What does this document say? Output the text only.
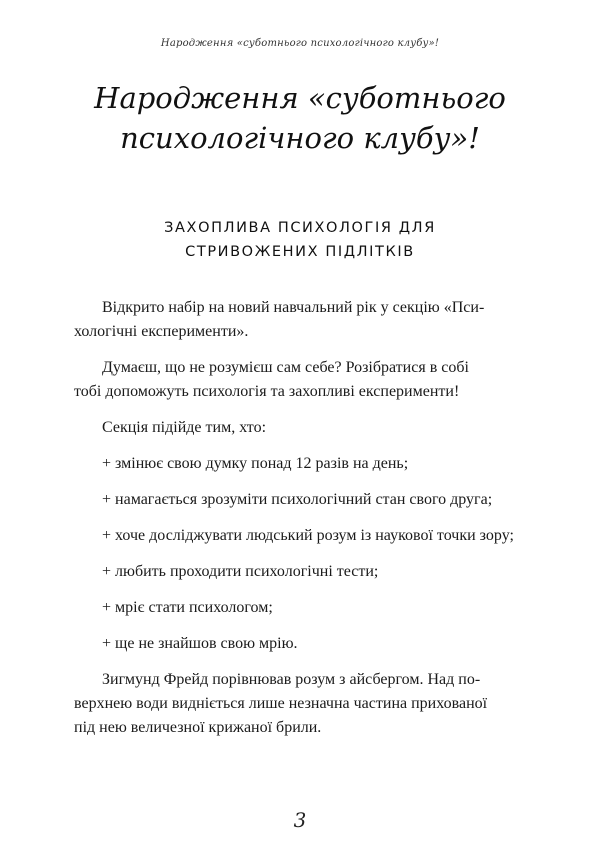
Народження «суботнього психологічного клубу»!
Народження «суботнього
психологічного клубу»!
ЗАХОПЛИВА ПСИХОЛОГІЯ ДЛЯ
СТРИВОЖЕНИХ ПІДЛІТКІВ

Відкрито набір на новий навчальний рік у секцію «Пси-
хологічні експерименти».

Думаєш, що не розумієш сам себе? Розібратися в собі
тобі допоможуть психологія та захопливі експерименти!

Секція підійде тим, хто:
+ змінює свою думку понад 12 разів на день;
+ намагається зрозуміти психологічний стан свого друга;
+ хоче досліджувати людський розум із наукової точки зору;
+ любить проходити психологічні тести;
+ мріє стати психологом;
+ ще не знайшов свою мрію.

Зигмунд Фрейд порівнював розум з айсбергом. Над по-
верхнею води видніється лише незначна частина прихованої
під нею величезної крижаної брили.

3
